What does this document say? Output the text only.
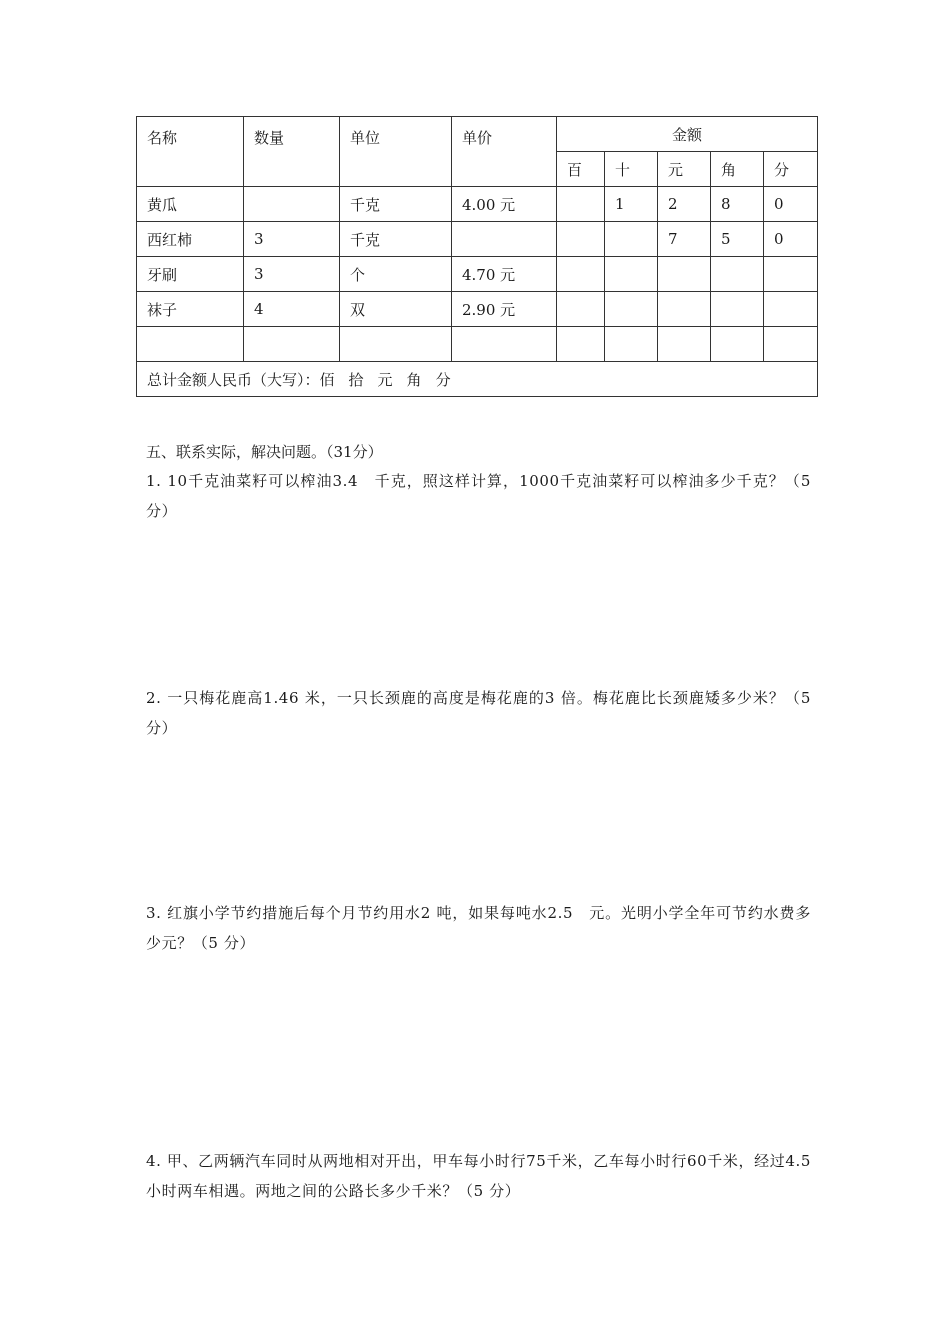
名称	数量	单位	单价	金额				
				百	十	元	角	分
黄瓜		千克	4.00 元		1	2	8	0
西红柿	3	千克				7	5	0
牙刷	3	个	4.70 元					
袜子	4	双	2.90 元					

总计金额人民币（大写）：佰 拾 元 角 分								
五、联系实际，解决问题。（31分）
1. 10千克油菜籽可以榨油3.4　千克，照这样计算，1000千克油菜籽可以榨油多少千克？（5 分）
2. 一只梅花鹿高1.46 米，一只长颈鹿的高度是梅花鹿的3 倍。梅花鹿比长颈鹿矮多少米？（5 分）
3. 红旗小学节约措施后每个月节约用水2 吨，如果每吨水2.5　元。光明小学全年可节约水费多少元？（5 分）
4. 甲、乙两辆汽车同时从两地相对开出，甲车每小时行75千米，乙车每小时行60千米，经过4.5　小时两车相遇。两地之间的公路长多少千米？（5 分）
